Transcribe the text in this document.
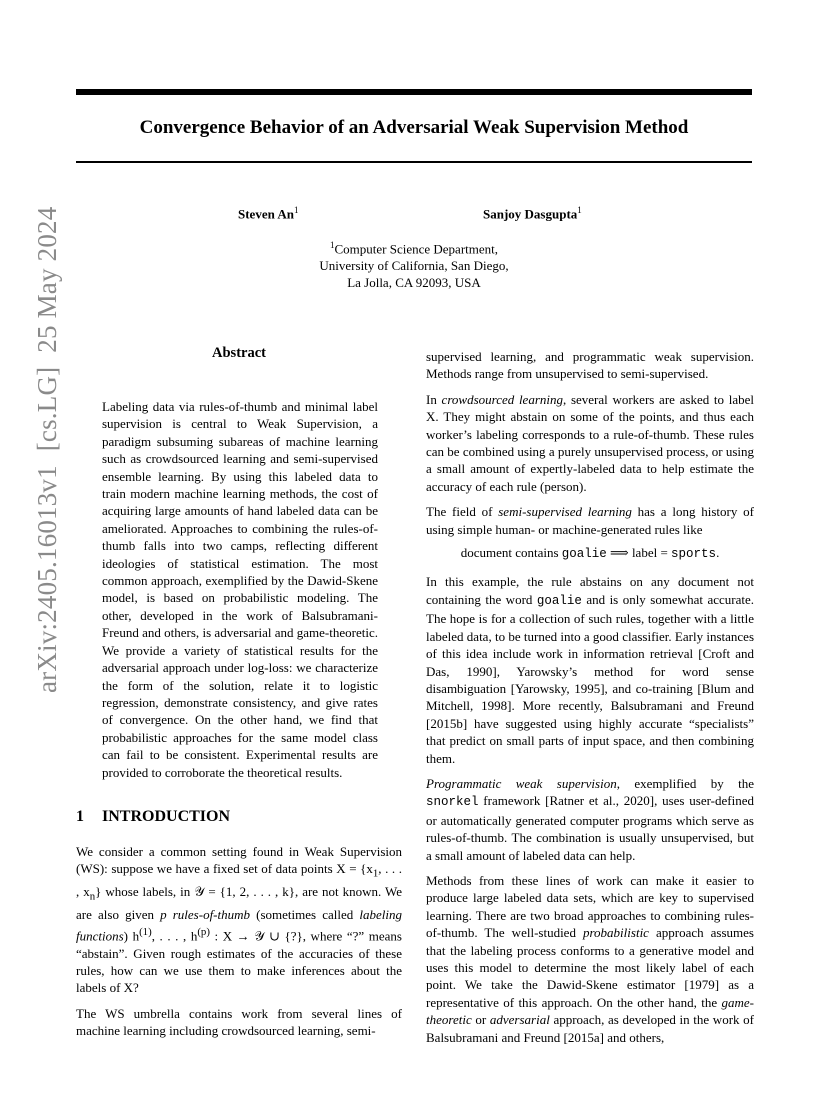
Convergence Behavior of an Adversarial Weak Supervision Method
Steven An$^1$	Sanjoy Dasgupta$^1$
$^1$Computer Science Department,
University of California, San Diego,
La Jolla, CA 92093, USA
arXiv:2405.16013v1  [cs.LG]  25 May 2024	Abstract
Labeling data via rules-of-thumb and minimal label supervision is central to Weak Supervision, a paradigm subsuming subareas of machine learning such as crowdsourced learning and semi-supervised ensemble learning. By using this labeled data to train modern machine learning methods, the cost of acquiring large amounts of hand labeled data can be ameliorated. Approaches to combining the rules-of-thumb falls into two camps, reflecting different ideologies of statistical estimation. The most common approach, exemplified by the Dawid-Skene model, is based on probabilistic modeling. The other, developed in the work of Balsubramani-Freund and others, is adversarial and game-theoretic. We provide a variety of statistical results for the adversarial approach under log-loss: we characterize the form of the solution, relate it to logistic regression, demonstrate consistency, and give rates of convergence. On the other hand, we find that probabilistic approaches for the same model class can fail to be consistent. Experimental results are provided to corroborate the theoretical results.
1 INTRODUCTION

We consider a common setting found in Weak Supervision (WS): suppose we have a fixed set of data points $X = \{x_1$, . . . , $x_n$} whose labels, in 𝒴 = {1, 2, . . . , k}, are not known. We are also given p rules-of-thumb (sometimes called labeling functions) $h^{(1)}$, . . . , $h^{(p)}$ : X → 𝒴 ∪ {?}, where “?” means “abstain”. Given rough estimates of the accuracies of these rules, how can we use them to make inferences about the labels of X?

The WS umbrella contains work from several lines of machine learning including crowdsourced learning, semi-

supervised learning, and programmatic weak supervision. Methods range from unsupervised to semi-supervised.

In crowdsourced learning, several workers are asked to label X. They might abstain on some of the points, and thus each worker’s labeling corresponds to a rule-of-thumb. These rules can be combined using a purely unsupervised process, or using a small amount of expertly-labeled data to help estimate the accuracy of each rule (person).

The field of semi-supervised learning has a long history of using simple human- or machine-generated rules like

document contains goalie ⟹ label = sports.

In this example, the rule abstains on any document not containing the word goalie and is only somewhat accurate. The hope is for a collection of such rules, together with a little labeled data, to be turned into a good classifier. Early instances of this idea include work in information retrieval [Croft and Das, 1990], Yarowsky’s method for word sense disambiguation [Yarowsky, 1995], and co-training [Blum and Mitchell, 1998]. More recently, Balsubramani and Freund [2015b] have suggested using highly accurate “specialists” that predict on small parts of input space, and then combining them.

Programmatic weak supervision, exemplified by the snorkel framework [Ratner et al., 2020], uses user-defined or automatically generated computer programs which serve as rules-of-thumb. The combination is usually unsupervised, but a small amount of labeled data can help.

Methods from these lines of work can make it easier to produce large labeled data sets, which are key to supervised learning. There are two broad approaches to combining rules-of-thumb. The well-studied probabilistic approach assumes that the labeling process conforms to a generative model and uses this model to determine the most likely label of each point. We take the Dawid-Skene estimator [1979] as a representative of this approach. On the other hand, the game-theoretic or adversarial approach, as developed in the work of Balsubramani and Freund [2015a] and others,
